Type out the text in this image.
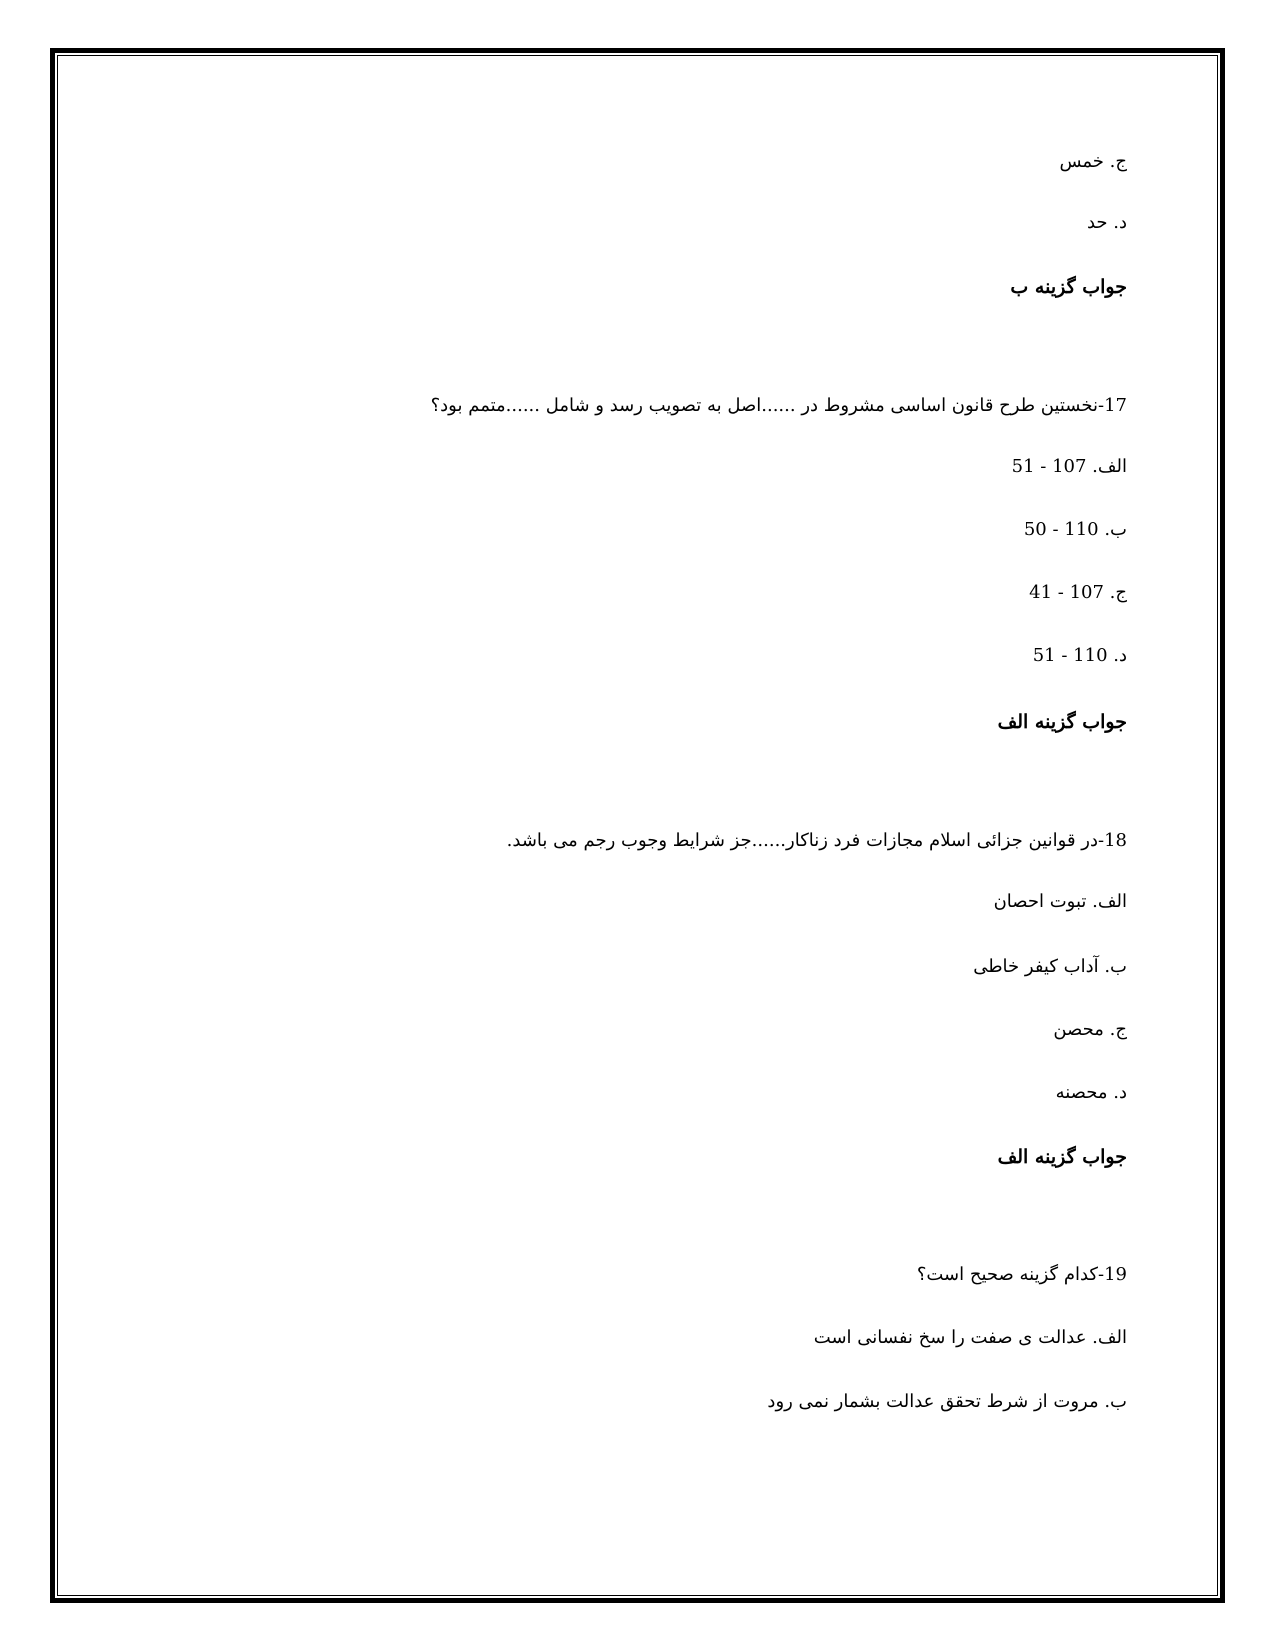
ج. خمس
د. حد
جواب گزینه ب
17-نخستین طرح قانون اساسی مشروط در ......اصل به تصویب رسد و شامل ......متمم بود؟
الف. 107 - 51
ب. 110 - 50
ج. 107 - 41
د. 110 - 51
جواب گزینه الف
18-در قوانین جزائی اسلام مجازات فرد زناکار......جز شرایط وجوب رجم می باشد.
الف. تبوت احصان
ب. آداب کیفر خاطی
ج. محصن
د. محصنه
جواب گزینه الف
19-کدام گزینه صحیح است؟
الف. عدالت ی صفت را سخ نفسانی است
ب. مروت از شرط تحقق عدالت بشمار نمی رود
